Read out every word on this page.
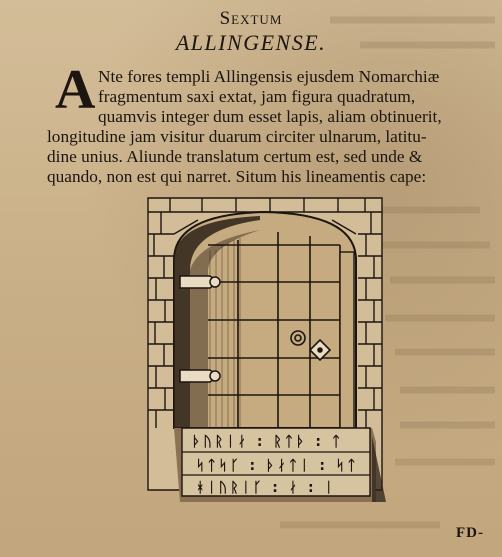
Sextum
ALLINGENSE.
A Nte fores templi Allingensis ejusdem Nomarchiæ
fragmentum saxi extat, jam figura quadratum,
quamvis integer dum esset lapis, aliam obtinuerit,
longitudine jam visitur duarum circiter ulnarum, latitu-
dine unius. Aliunde translatum certum est, sed unde &
quando, non est qui narret. Situm his lineamentis cape:
ᚦᚢᚱᛁᛅ : ᚱᛏᚦ : ᛏ
ᛋᛏᛋᚴ : ᚦᛅᛏᛁ : ᛋᛏ
ᚼᛁᚢᚱᛁᚴ : ᛅ : ᛁ
FD-
